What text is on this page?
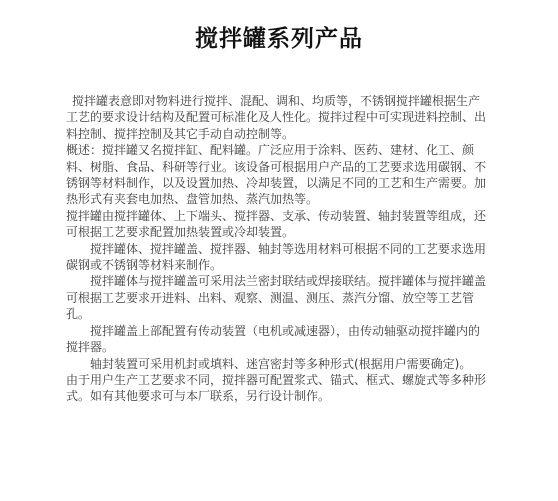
搅拌罐系列产品
搅拌罐表意即对物料进行搅拌、混配、调和、均质等，不锈钢搅拌罐根据生产
工艺的要求设计结构及配置可标准化及人性化。搅拌过程中可实现进料控制、出
料控制、搅拌控制及其它手动自动控制等。
概述：搅拌罐又名搅拌缸、配料罐。广泛应用于涂料、医药、建材、化工、颜
料、树脂、食品、科研等行业。该设备可根据用户产品的工艺要求选用碳钢、不
锈钢等材料制作，以及设置加热、冷却装置，以满足不同的工艺和生产需要。加
热形式有夹套电加热、盘管加热、蒸汽加热等。
搅拌罐由搅拌罐体、上下端头、搅拌器、支承、传动装置、轴封装置等组成，还
可根据工艺要求配置加热装置或冷却装置。
搅拌罐体、搅拌罐盖、搅拌器、轴封等选用材料可根据不同的工艺要求选用
碳钢或不锈钢等材料来制作。
搅拌罐体与搅拌罐盖可采用法兰密封联结或焊接联结。搅拌罐体与搅拌罐盖
可根据工艺要求开进料、出料、观察、测温、测压、蒸汽分馏、放空等工艺管
孔。
搅拌罐盖上部配置有传动装置（电机或减速器），由传动轴驱动搅拌罐内的
搅拌器。
轴封装置可采用机封或填料、迷宫密封等多种形式(根据用户需要确定)。
由于用户生产工艺要求不同，搅拌器可配置浆式、锚式、框式、螺旋式等多种形
式。如有其他要求可与本厂联系，另行设计制作。
